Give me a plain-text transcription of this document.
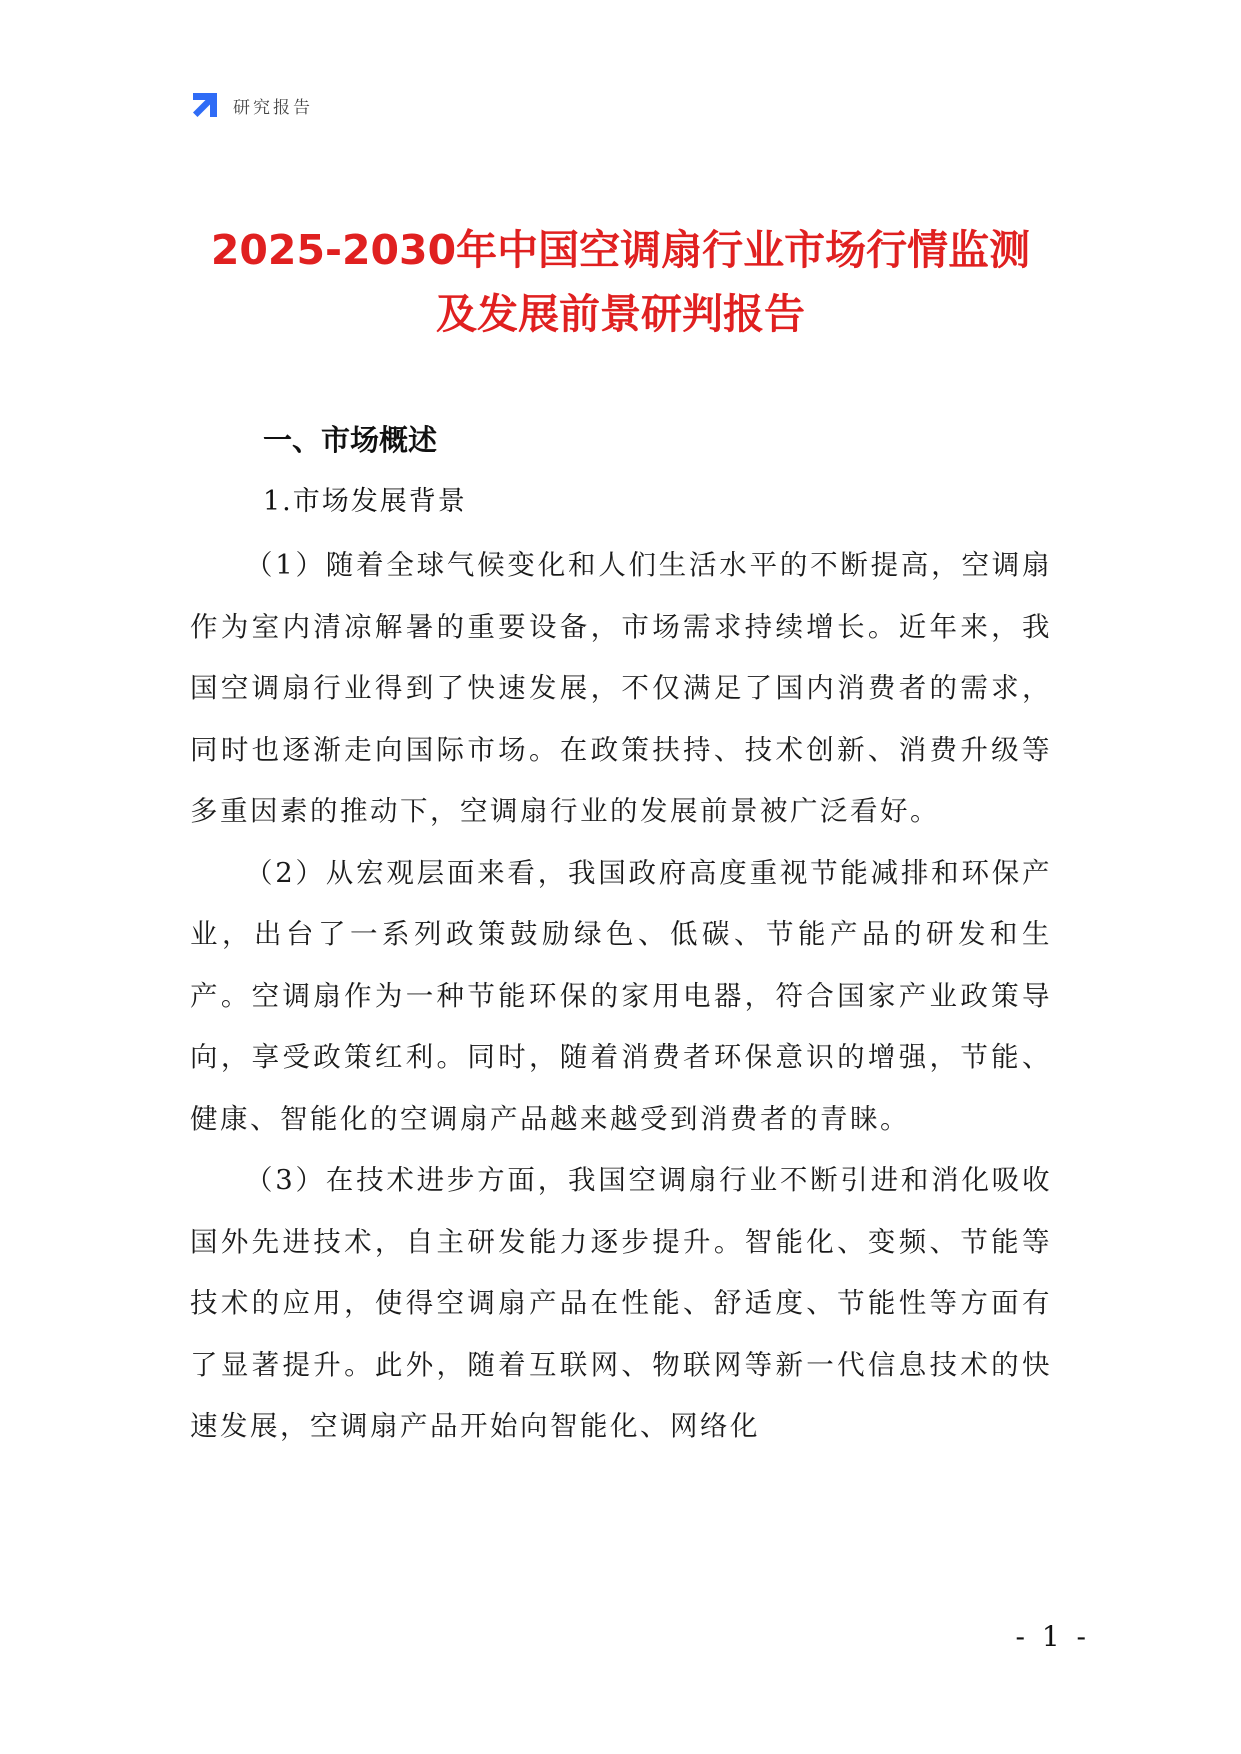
研究报告
2025-2030年中国空调扇行业市场行情监测
及发展前景研判报告
一、市场概述
1.市场发展背景

（1）随着全球气候变化和人们生活水平的不断提高，空调扇作为室内清凉解暑的重要设备，市场需求持续增长。近年来，我国空调扇行业得到了快速发展，不仅满足了国内消费者的需求，同时也逐渐走向国际市场。在政策扶持、技术创新、消费升级等多重因素的推动下，空调扇行业的发展前景被广泛看好。

（2）从宏观层面来看，我国政府高度重视节能减排和环保产业，出台了一系列政策鼓励绿色、低碳、节能产品的研发和生产。空调扇作为一种节能环保的家用电器，符合国家产业政策导向，享受政策红利。同时，随着消费者环保意识的增强，节能、健康、智能化的空调扇产品越来越受到消费者的青睐。

（3）在技术进步方面，我国空调扇行业不断引进和消化吸收国外先进技术，自主研发能力逐步提升。智能化、变频、节能等技术的应用，使得空调扇产品在性能、舒适度、节能性等方面有了显著提升。此外，随着互联网、物联网等新一代信息技术的快速发展，空调扇产品开始向智能化、网络化

- 1 -
